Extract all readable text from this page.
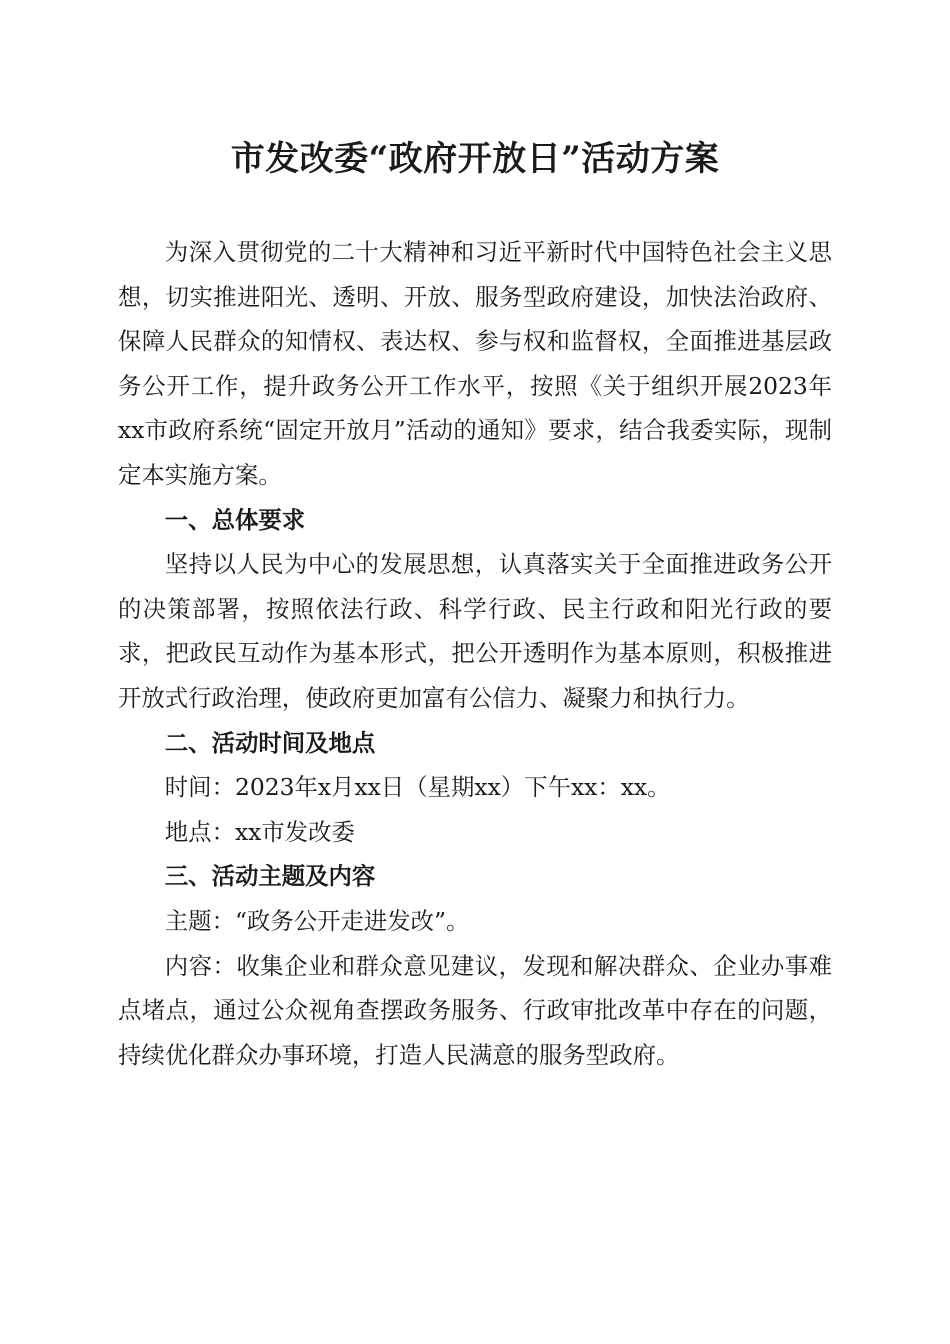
市发改委“政府开放日”活动方案

为深入贯彻党的二十大精神和习近平新时代中国特色社会主义思想，切实推进阳光、透明、开放、服务型政府建设，加快法治政府、保障人民群众的知情权、表达权、参与权和监督权，全面推进基层政务公开工作，提升政务公开工作水平，按照《关于组织开展2023年xx市政府系统“固定开放月”活动的通知》要求，结合我委实际，现制定本实施方案。

一、总体要求

坚持以人民为中心的发展思想，认真落实关于全面推进政务公开的决策部署，按照依法行政、科学行政、民主行政和阳光行政的要求，把政民互动作为基本形式，把公开透明作为基本原则，积极推进开放式行政治理，使政府更加富有公信力、凝聚力和执行力。

二、活动时间及地点

时间：2023年x月xx日（星期xx）下午xx：xx。

地点：xx市发改委

三、活动主题及内容

主题：“政务公开走进发改”。

内容：收集企业和群众意见建议，发现和解决群众、企业办事难点堵点，通过公众视角查摆政务服务、行政审批改革中存在的问题，持续优化群众办事环境，打造人民满意的服务型政府。
